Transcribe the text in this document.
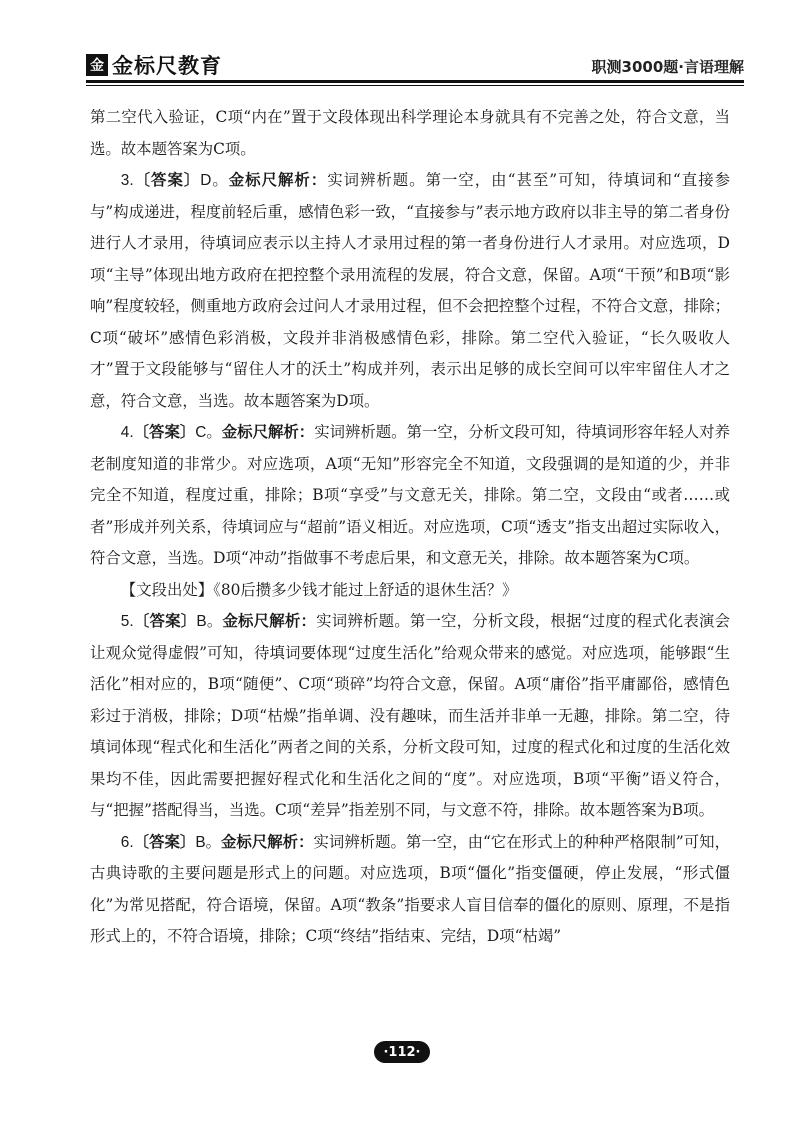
金 金标尺教育	职测3000题·言语理解

第二空代入验证，C项“内在”置于文段体现出科学理论本身就具有不完善之处，符合文意，当选。故本题答案为C项。

3.〔答案〕D。金标尺解析：实词辨析题。第一空，由“甚至”可知，待填词和“直接参与”构成递进，程度前轻后重，感情色彩一致，“直接参与”表示地方政府以非主导的第二者身份进行人才录用，待填词应表示以主持人才录用过程的第一者身份进行人才录用。对应选项，D项“主导”体现出地方政府在把控整个录用流程的发展，符合文意，保留。A项“干预”和B项“影响”程度较轻，侧重地方政府会过问人才录用过程，但不会把控整个过程，不符合文意，排除；C项“破坏”感情色彩消极，文段并非消极感情色彩，排除。第二空代入验证，“长久吸收人才”置于文段能够与“留住人才的沃土”构成并列，表示出足够的成长空间可以牢牢留住人才之意，符合文意，当选。故本题答案为D项。

4.〔答案〕C。金标尺解析：实词辨析题。第一空，分析文段可知，待填词形容年轻人对养老制度知道的非常少。对应选项，A项“无知”形容完全不知道，文段强调的是知道的少，并非完全不知道，程度过重，排除；B项“享受”与文意无关，排除。第二空，文段由“或者……或者”形成并列关系，待填词应与“超前”语义相近。对应选项，C项“透支”指支出超过实际收入，符合文意，当选。D项“冲动”指做事不考虑后果，和文意无关，排除。故本题答案为C项。

【文段出处】《80后攒多少钱才能过上舒适的退休生活？》

5.〔答案〕B。金标尺解析：实词辨析题。第一空，分析文段，根据“过度的程式化表演会让观众觉得虚假”可知，待填词要体现“过度生活化”给观众带来的感觉。对应选项，能够跟“生活化”相对应的，B项“随便”、C项“琐碎”均符合文意，保留。A项“庸俗”指平庸鄙俗，感情色彩过于消极，排除；D项“枯燥”指单调、没有趣味，而生活并非单一无趣，排除。第二空，待填词体现“程式化和生活化”两者之间的关系，分析文段可知，过度的程式化和过度的生活化效果均不佳，因此需要把握好程式化和生活化之间的“度”。对应选项，B项“平衡”语义符合，与“把握”搭配得当，当选。C项“差异”指差别不同，与文意不符，排除。故本题答案为B项。

6.〔答案〕B。金标尺解析：实词辨析题。第一空，由“它在形式上的种种严格限制”可知，古典诗歌的主要问题是形式上的问题。对应选项，B项“僵化”指变僵硬，停止发展，“形式僵化”为常见搭配，符合语境，保留。A项“教条”指要求人盲目信奉的僵化的原则、原理，不是指形式上的，不符合语境，排除；C项“终结”指结束、完结，D项“枯竭”

·112·
